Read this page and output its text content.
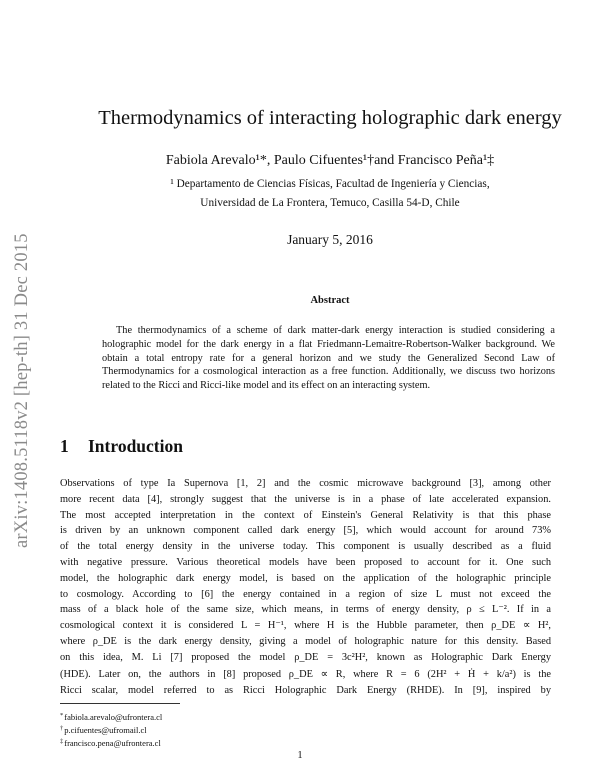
arXiv:1408.5118v2 [hep-th] 31 Dec 2015
Thermodynamics of interacting holographic dark energy
Fabiola Arevalo¹*, Paulo Cifuentes¹†and Francisco Peña¹‡
¹ Departamento de Ciencias Físicas, Facultad de Ingeniería y Ciencias,
Universidad de La Frontera, Temuco, Casilla 54-D, Chile
January 5, 2016
Abstract

The thermodynamics of a scheme of dark matter-dark energy interaction is studied considering a holographic model for the dark energy in a flat Friedmann-Lemaitre-Robertson-Walker background. We obtain a total entropy rate for a general horizon and we study the Generalized Second Law of Thermodynamics for a cosmological interaction as a free function. Additionally, we discuss two horizons related to the Ricci and Ricci-like model and its effect on an interacting system.

1 Introduction
Observations of type Ia Supernova [1, 2] and the cosmic microwave background [3], among other
more recent data [4], strongly suggest that the universe is in a phase of late accelerated expansion.
The most accepted interpretation in the context of Einstein's General Relativity is that this phase
is driven by an unknown component called dark energy [5], which would account for around 73%
of the total energy density in the universe today. This component is usually described as a fluid
with negative pressure. Various theoretical models have been proposed to account for it. One such
model, the holographic dark energy model, is based on the application of the holographic principle
to cosmology. According to [6] the energy contained in a region of size L must not exceed the
mass of a black hole of the same size, which means, in terms of energy density, ρ ≤ L⁻². If in a
cosmological context it is considered L = H⁻¹, where H is the Hubble parameter, then ρ_DE ∝ H²,
where ρ_DE is the dark energy density, giving a model of holographic nature for this density. Based
on this idea, M. Li [7] proposed the model ρ_DE = 3c²H², known as Holographic Dark Energy
(HDE). Later on, the authors in [8] proposed ρ_DE ∝ R, where R = 6 (2H² + Ḣ + k/a²) is the
Ricci scalar, model referred to as Ricci Holographic Dark Energy (RHDE). In [9], inspired by
*fabiola.arevalo@ufrontera.cl
†p.cifuentes@ufromail.cl
‡francisco.pena@ufrontera.cl
1
